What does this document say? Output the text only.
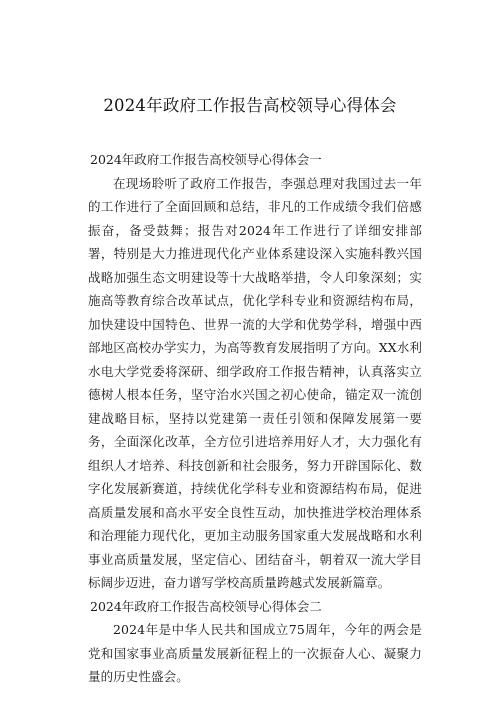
2024年政府工作报告高校领导心得体会

2024年政府工作报告高校领导心得体会一

在现场聆听了政府工作报告，李强总理对我国过去一年的工作进行了全面回顾和总结，非凡的工作成绩令我们倍感振奋，备受鼓舞；报告对2024年工作进行了详细安排部署，特别是大力推进现代化产业体系建设深入实施科教兴国战略加强生态文明建设等十大战略举措，令人印象深刻；实施高等教育综合改革试点，优化学科专业和资源结构布局，加快建设中国特色、世界一流的大学和优势学科，增强中西部地区高校办学实力，为高等教育发展指明了方向。XX水利水电大学党委将深研、细学政府工作报告精神，认真落实立德树人根本任务，坚守治水兴国之初心使命，锚定双一流创建战略目标，坚持以党建第一责任引领和保障发展第一要务，全面深化改革，全方位引进培养用好人才，大力强化有组织人才培养、科技创新和社会服务，努力开辟国际化、数字化发展新赛道，持续优化学科专业和资源结构布局，促进高质量发展和高水平安全良性互动，加快推进学校治理体系和治理能力现代化，更加主动服务国家重大发展战略和水利事业高质量发展，坚定信心、团结奋斗，朝着双一流大学目标阔步迈进，奋力谱写学校高质量跨越式发展新篇章。

2024年政府工作报告高校领导心得体会二

2024年是中华人民共和国成立75周年，今年的两会是党和国家事业高质量发展新征程上的一次振奋人心、凝聚力量的历史性盛会。
